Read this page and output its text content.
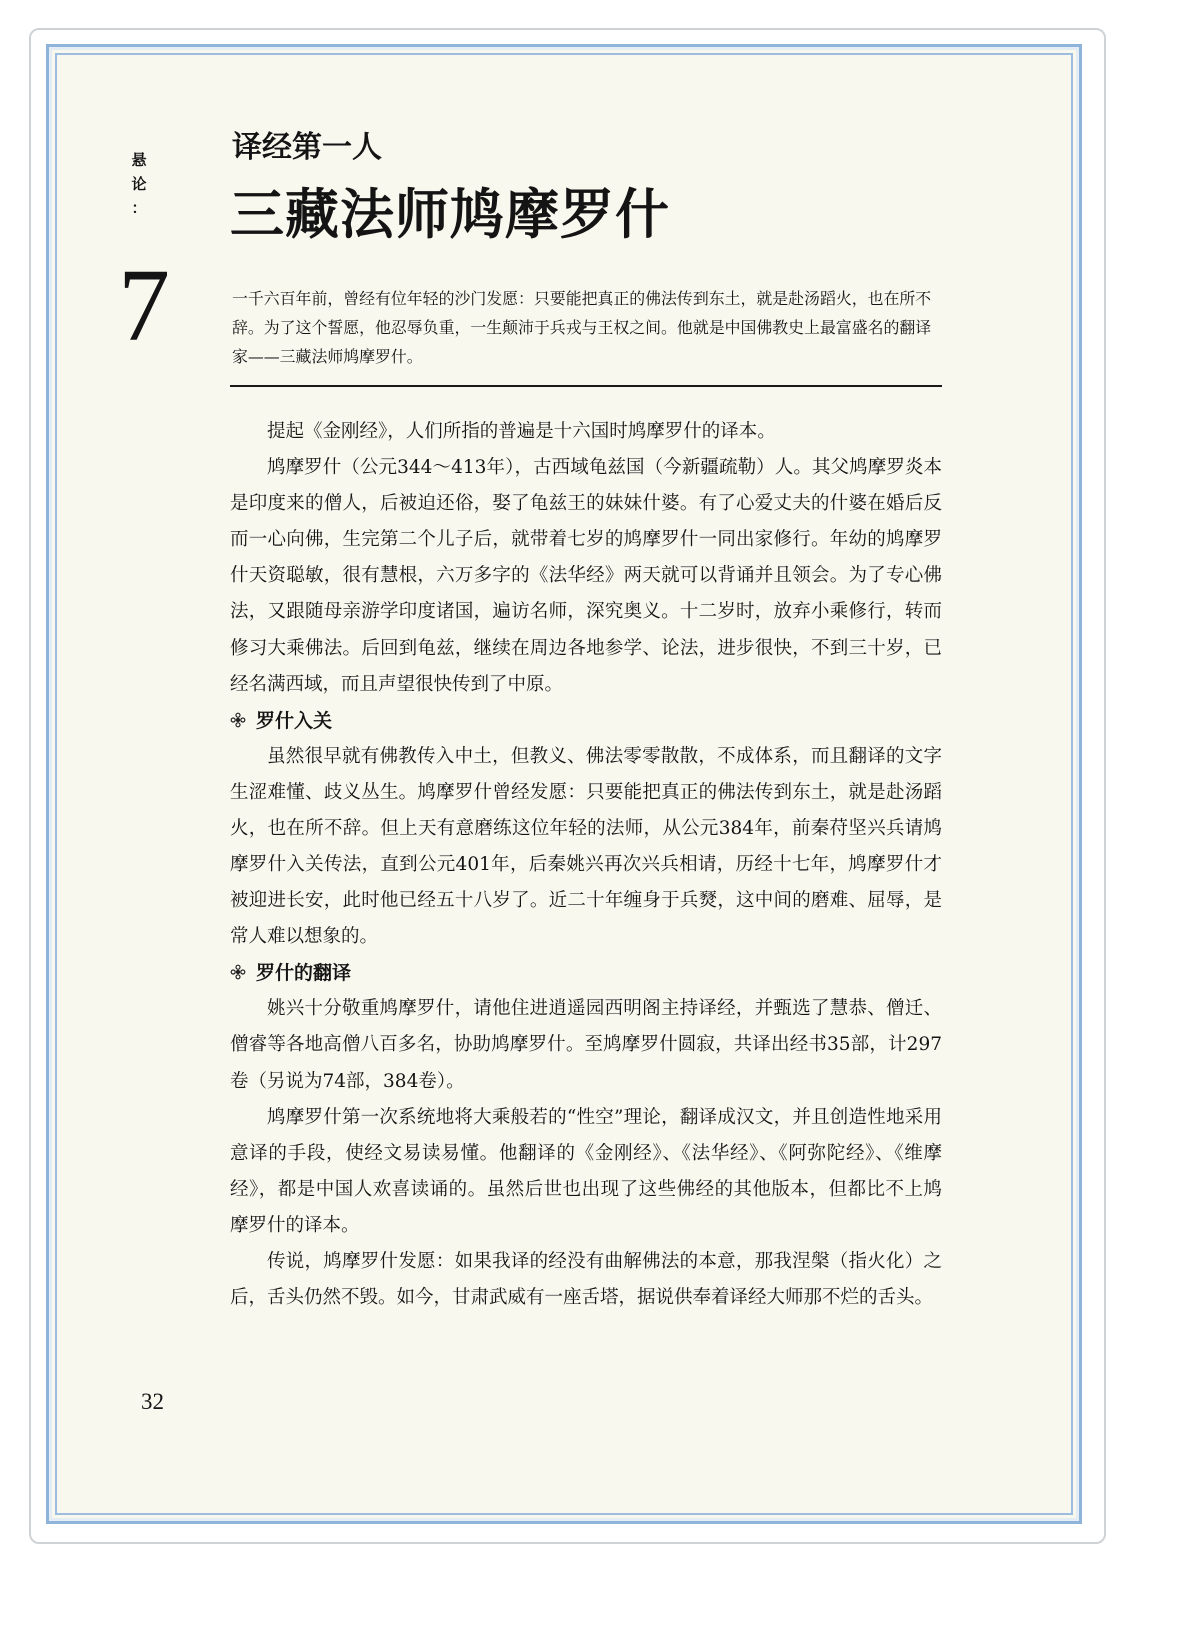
悬
论
：
7
译经第一人
三藏法师鸠摩罗什

一千六百年前，曾经有位年轻的沙门发愿：只要能把真正的佛法传到东土，就是赴汤蹈火，也在所不辞。为了这个誓愿，他忍辱负重，一生颠沛于兵戎与王权之间。他就是中国佛教史上最富盛名的翻译家——三藏法师鸠摩罗什。

提起《金刚经》，人们所指的普遍是十六国时鸠摩罗什的译本。

鸠摩罗什（公元344～413年），古西域龟兹国（今新疆疏勒）人。其父鸠摩罗炎本是印度来的僧人，后被迫还俗，娶了龟兹王的妹妹什婆。有了心爱丈夫的什婆在婚后反而一心向佛，生完第二个儿子后，就带着七岁的鸠摩罗什一同出家修行。年幼的鸠摩罗什天资聪敏，很有慧根，六万多字的《法华经》两天就可以背诵并且领会。为了专心佛法，又跟随母亲游学印度诸国，遍访名师，深究奥义。十二岁时，放弃小乘修行，转而修习大乘佛法。后回到龟兹，继续在周边各地参学、论法，进步很快，不到三十岁，已经名满西域，而且声望很快传到了中原。

罗什入关

虽然很早就有佛教传入中土，但教义、佛法零零散散，不成体系，而且翻译的文字生涩难懂、歧义丛生。鸠摩罗什曾经发愿：只要能把真正的佛法传到东土，就是赴汤蹈火，也在所不辞。但上天有意磨练这位年轻的法师，从公元384年，前秦苻坚兴兵请鸠摩罗什入关传法，直到公元401年，后秦姚兴再次兴兵相请，历经十七年，鸠摩罗什才被迎进长安，此时他已经五十八岁了。近二十年缠身于兵燹，这中间的磨难、屈辱，是常人难以想象的。

罗什的翻译

姚兴十分敬重鸠摩罗什，请他住进逍遥园西明阁主持译经，并甄选了慧恭、僧迁、僧睿等各地高僧八百多名，协助鸠摩罗什。至鸠摩罗什圆寂，共译出经书35部，计297卷（另说为74部，384卷）。

鸠摩罗什第一次系统地将大乘般若的“性空”理论，翻译成汉文，并且创造性地采用意译的手段，使经文易读易懂。他翻译的《金刚经》、《法华经》、《阿弥陀经》、《维摩经》，都是中国人欢喜读诵的。虽然后世也出现了这些佛经的其他版本，但都比不上鸠摩罗什的译本。

传说，鸠摩罗什发愿：如果我译的经没有曲解佛法的本意，那我涅槃（指火化）之后，舌头仍然不毁。如今，甘肃武威有一座舌塔，据说供奉着译经大师那不烂的舌头。

32
